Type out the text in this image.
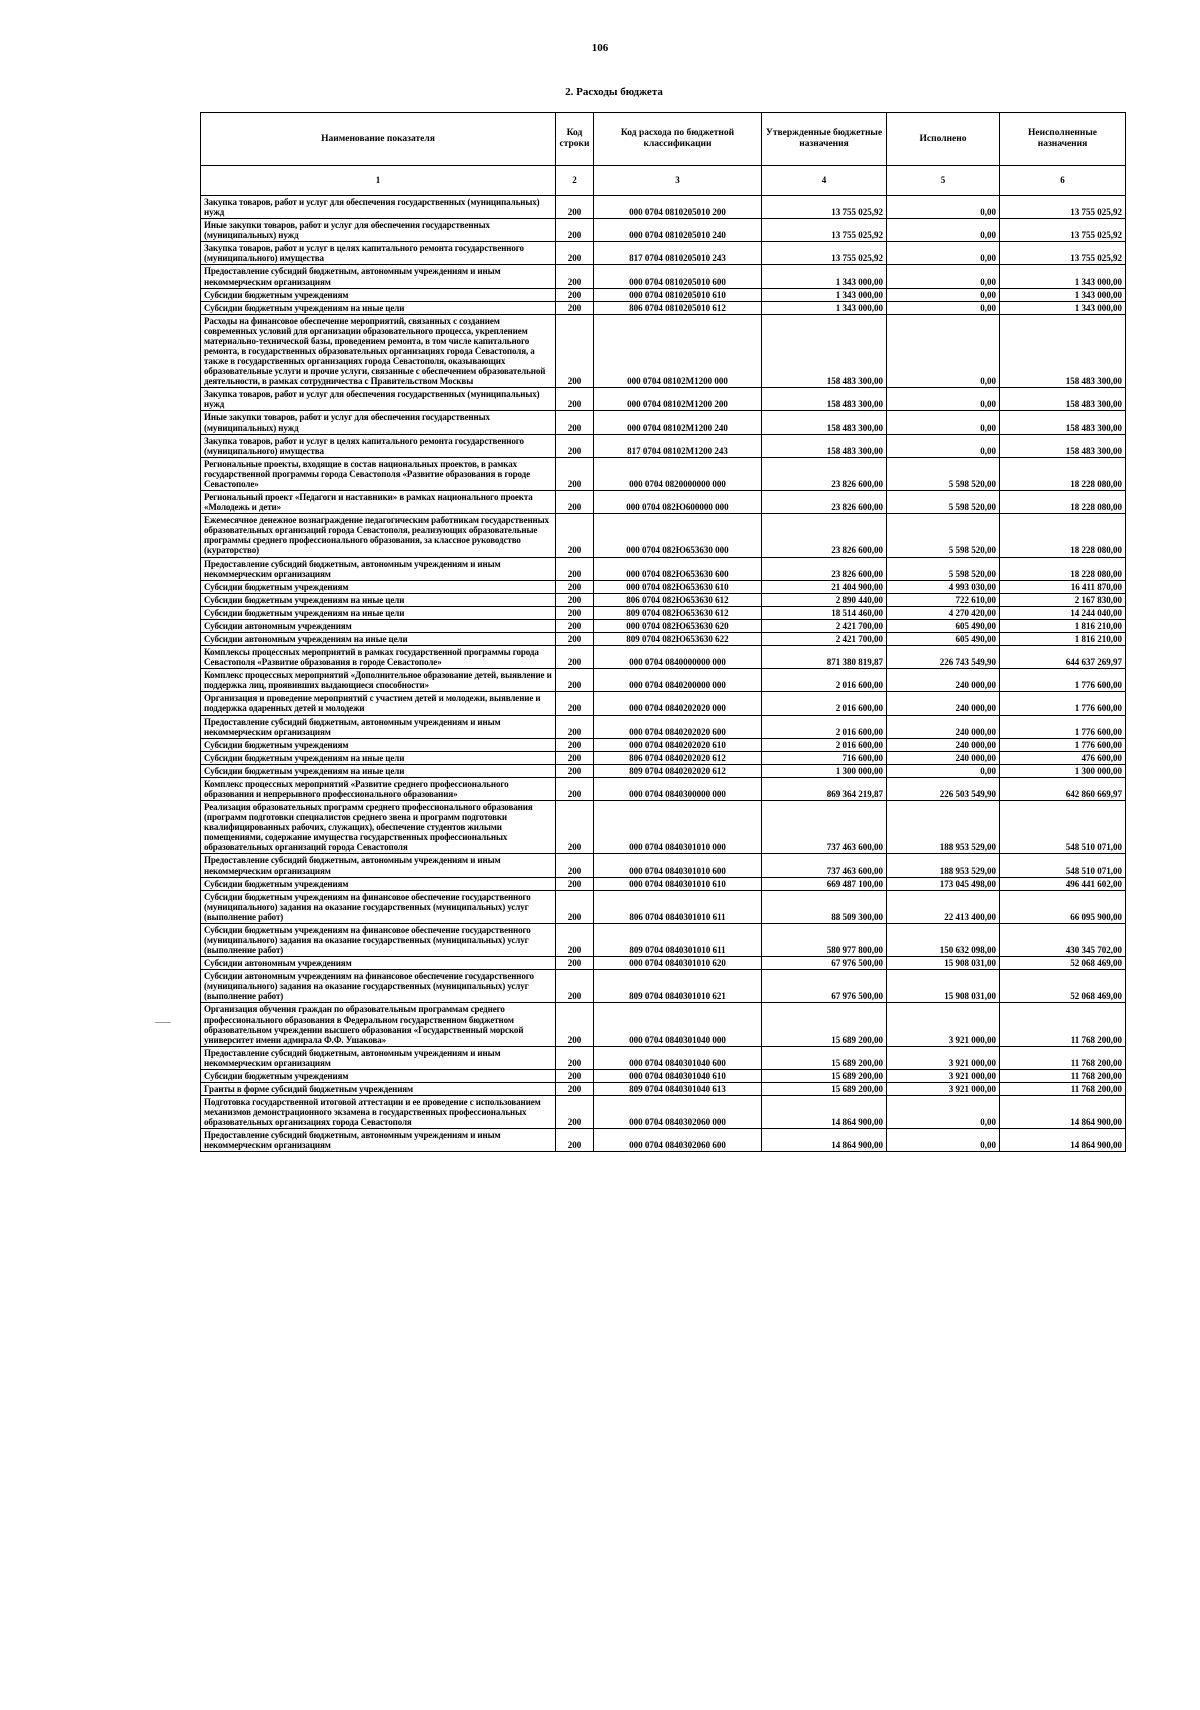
106
2. Расходы бюджета
Наименование показателя	Код строки	Код расхода по бюджетной классификации	Утвержденные бюджетные назначения	Исполнено	Неисполненные назначения
1	2	3	4	5	6
Закупка товаров, работ и услуг для обеспечения государственных (муниципальных) нужд	200	000 0704 0810205010 200	13 755 025,92	0,00	13 755 025,92
Иные закупки товаров, работ и услуг для обеспечения государственных (муниципальных) нужд	200	000 0704 0810205010 240	13 755 025,92	0,00	13 755 025,92
Закупка товаров, работ и услуг в целях капитального ремонта государственного (муниципального) имущества	200	817 0704 0810205010 243	13 755 025,92	0,00	13 755 025,92
Предоставление субсидий бюджетным, автономным учреждениям и иным некоммерческим организациям	200	000 0704 0810205010 600	1 343 000,00	0,00	1 343 000,00
Субсидии бюджетным учреждениям	200	000 0704 0810205010 610	1 343 000,00	0,00	1 343 000,00
Субсидии бюджетным учреждениям на иные цели	200	806 0704 0810205010 612	1 343 000,00	0,00	1 343 000,00
Расходы на финансовое обеспечение мероприятий, связанных с созданием современных условий для организации образовательного процесса, укреплением материально-технической базы, проведением ремонта, в том числе капитального ремонта, в государственных образовательных организациях города Севастополя, а также в государственных организациях города Севастополя, оказывающих образовательные услуги и прочие услуги, связанные с обеспечением образовательной деятельности, в рамках сотрудничества с Правительством Москвы	200	000 0704 08102М1200 000	158 483 300,00	0,00	158 483 300,00
Закупка товаров, работ и услуг для обеспечения государственных (муниципальных) нужд	200	000 0704 08102М1200 200	158 483 300,00	0,00	158 483 300,00
Иные закупки товаров, работ и услуг для обеспечения государственных (муниципальных) нужд	200	000 0704 08102М1200 240	158 483 300,00	0,00	158 483 300,00
Закупка товаров, работ и услуг в целях капитального ремонта государственного (муниципального) имущества	200	817 0704 08102М1200 243	158 483 300,00	0,00	158 483 300,00
Региональные проекты, входящие в состав национальных проектов, в рамках государственной программы города Севастополя «Развитие образования в городе Севастополе»	200	000 0704 0820000000 000	23 826 600,00	5 598 520,00	18 228 080,00
Региональный проект «Педагоги и наставники» в рамках национального проекта «Молодежь и дети»	200	000 0704 082Ю600000 000	23 826 600,00	5 598 520,00	18 228 080,00
Ежемесячное денежное вознаграждение педагогическим работникам государственных образовательных организаций города Севастополя, реализующих образовательные программы среднего профессионального образования, за классное руководство (кураторство)	200	000 0704 082Ю653630 000	23 826 600,00	5 598 520,00	18 228 080,00
Предоставление субсидий бюджетным, автономным учреждениям и иным некоммерческим организациям	200	000 0704 082Ю653630 600	23 826 600,00	5 598 520,00	18 228 080,00
Субсидии бюджетным учреждениям	200	000 0704 082Ю653630 610	21 404 900,00	4 993 030,00	16 411 870,00
Субсидии бюджетным учреждениям на иные цели	200	806 0704 082Ю653630 612	2 890 440,00	722 610,00	2 167 830,00
Субсидии бюджетным учреждениям на иные цели	200	809 0704 082Ю653630 612	18 514 460,00	4 270 420,00	14 244 040,00
Субсидии автономным учреждениям	200	000 0704 082Ю653630 620	2 421 700,00	605 490,00	1 816 210,00
Субсидии автономным учреждениям на иные цели	200	809 0704 082Ю653630 622	2 421 700,00	605 490,00	1 816 210,00
Комплексы процессных мероприятий в рамках государственной программы города Севастополя «Развитие образования в городе Севастополе»	200	000 0704 0840000000 000	871 380 819,87	226 743 549,90	644 637 269,97
Комплекс процессных мероприятий «Дополнительное образование детей, выявление и поддержка лиц, проявивших выдающиеся способности»	200	000 0704 0840200000 000	2 016 600,00	240 000,00	1 776 600,00
Организация и проведение мероприятий с участием детей и молодежи, выявление и поддержка одаренных детей и молодежи	200	000 0704 0840202020 000	2 016 600,00	240 000,00	1 776 600,00
Предоставление субсидий бюджетным, автономным учреждениям и иным некоммерческим организациям	200	000 0704 0840202020 600	2 016 600,00	240 000,00	1 776 600,00
Субсидии бюджетным учреждениям	200	000 0704 0840202020 610	2 016 600,00	240 000,00	1 776 600,00
Субсидии бюджетным учреждениям на иные цели	200	806 0704 0840202020 612	716 600,00	240 000,00	476 600,00
Субсидии бюджетным учреждениям на иные цели	200	809 0704 0840202020 612	1 300 000,00	0,00	1 300 000,00
Комплекс процессных мероприятий «Развитие среднего профессионального образования и непрерывного профессионального образования»	200	000 0704 0840300000 000	869 364 219,87	226 503 549,90	642 860 669,97
Реализация образовательных программ среднего профессионального образования (программ подготовки специалистов среднего звена и программ подготовки квалифицированных рабочих, служащих), обеспечение студентов жилыми помещениями, содержание имущества государственных профессиональных образовательных организаций города Севастополя	200	000 0704 0840301010 000	737 463 600,00	188 953 529,00	548 510 071,00
Предоставление субсидий бюджетным, автономным учреждениям и иным некоммерческим организациям	200	000 0704 0840301010 600	737 463 600,00	188 953 529,00	548 510 071,00
Субсидии бюджетным учреждениям	200	000 0704 0840301010 610	669 487 100,00	173 045 498,00	496 441 602,00
Субсидии бюджетным учреждениям на финансовое обеспечение государственного (муниципального) задания на оказание государственных (муниципальных) услуг (выполнение работ)	200	806 0704 0840301010 611	88 509 300,00	22 413 400,00	66 095 900,00
Субсидии бюджетным учреждениям на финансовое обеспечение государственного (муниципального) задания на оказание государственных (муниципальных) услуг (выполнение работ)	200	809 0704 0840301010 611	580 977 800,00	150 632 098,00	430 345 702,00
Субсидии автономным учреждениям	200	000 0704 0840301010 620	67 976 500,00	15 908 031,00	52 068 469,00
Субсидии автономным учреждениям на финансовое обеспечение государственного (муниципального) задания на оказание государственных (муниципальных) услуг (выполнение работ)	200	809 0704 0840301010 621	67 976 500,00	15 908 031,00	52 068 469,00
Организация обучения граждан по образовательным программам среднего профессионального образования в Федеральном государственном бюджетном образовательном учреждении высшего образования «Государственный морской университет имени адмирала Ф.Ф. Ушакова»	200	000 0704 0840301040 000	15 689 200,00	3 921 000,00	11 768 200,00
Предоставление субсидий бюджетным, автономным учреждениям и иным некоммерческим организациям	200	000 0704 0840301040 600	15 689 200,00	3 921 000,00	11 768 200,00
Субсидии бюджетным учреждениям	200	000 0704 0840301040 610	15 689 200,00	3 921 000,00	11 768 200,00
Гранты в форме субсидий бюджетным учреждениям	200	809 0704 0840301040 613	15 689 200,00	3 921 000,00	11 768 200,00
Подготовка государственной итоговой аттестации и ее проведение с использованием механизмов демонстрационного экзамена в государственных профессиональных образовательных организациях города Севастополя	200	000 0704 0840302060 000	14 864 900,00	0,00	14 864 900,00
Предоставление субсидий бюджетным, автономным учреждениям и иным некоммерческим организациям	200	000 0704 0840302060 600	14 864 900,00	0,00	14 864 900,00
